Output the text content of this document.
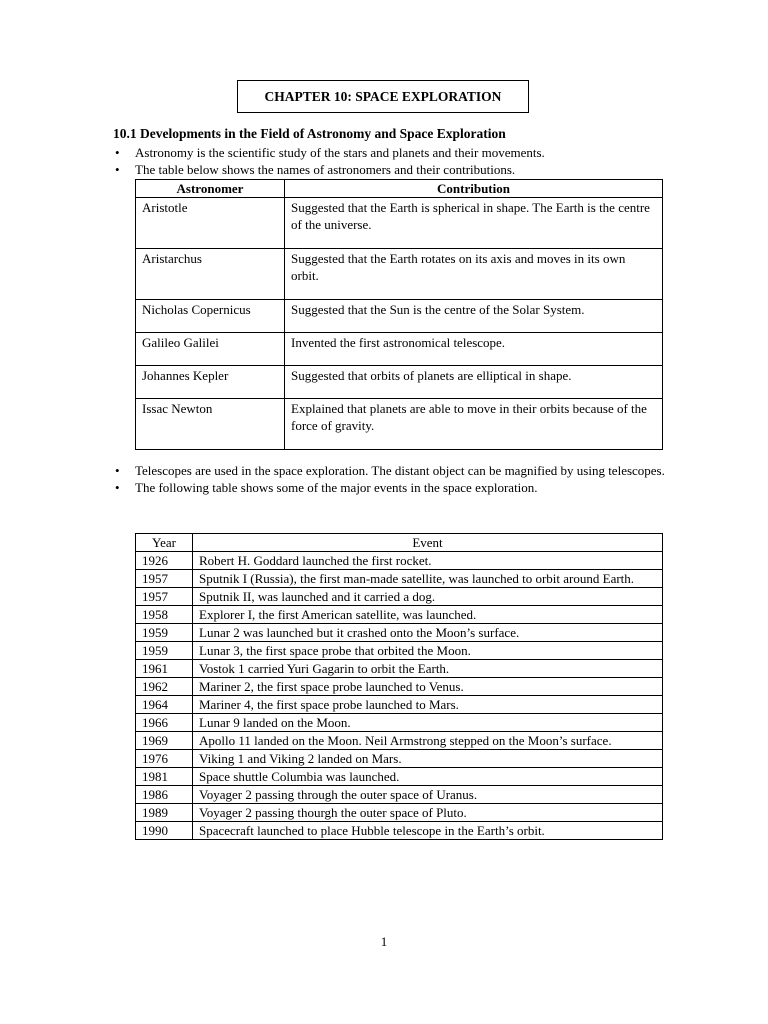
CHAPTER 10: SPACE EXPLORATION
10.1 Developments in the Field of Astronomy and Space Exploration
• Astronomy is the scientific study of the stars and planets and their movements.
• The table below shows the names of astronomers and their contributions.
Astronomer	Contribution
Aristotle	Suggested that the Earth is spherical in shape. The Earth is the centre of the universe.
Aristarchus	Suggested that the Earth rotates on its axis and moves in its own orbit.
Nicholas Copernicus	Suggested that the Sun is the centre of the Solar System.
Galileo Galilei	Invented the first astronomical telescope.
Johannes Kepler	Suggested that orbits of planets are elliptical in shape.
Issac Newton	Explained that planets are able to move in their orbits because of the force of gravity.
• Telescopes are used in the space exploration. The distant object can be magnified by using telescopes.
• The following table shows some of the major events in the space exploration.
Year	Event
1926	Robert H. Goddard launched the first rocket.
1957	Sputnik I (Russia), the first man-made satellite, was launched to orbit around Earth.
1957	Sputnik II, was launched and it carried a dog.
1958	Explorer I, the first American satellite, was launched.
1959	Lunar 2 was launched but it crashed onto the Moon’s surface.
1959	Lunar 3, the first space probe that orbited the Moon.
1961	Vostok 1 carried Yuri Gagarin to orbit the Earth.
1962	Mariner 2, the first space probe launched to Venus.
1964	Mariner 4, the first space probe launched to Mars.
1966	Lunar 9 landed on the Moon.
1969	Apollo 11 landed on the Moon. Neil Armstrong stepped on the Moon’s surface.
1976	Viking 1 and Viking 2 landed on Mars.
1981	Space shuttle Columbia was launched.
1986	Voyager 2 passing through the outer space of Uranus.
1989	Voyager 2 passing thourgh the outer space of Pluto.
1990	Spacecraft launched to place Hubble telescope in the Earth’s orbit.
1
